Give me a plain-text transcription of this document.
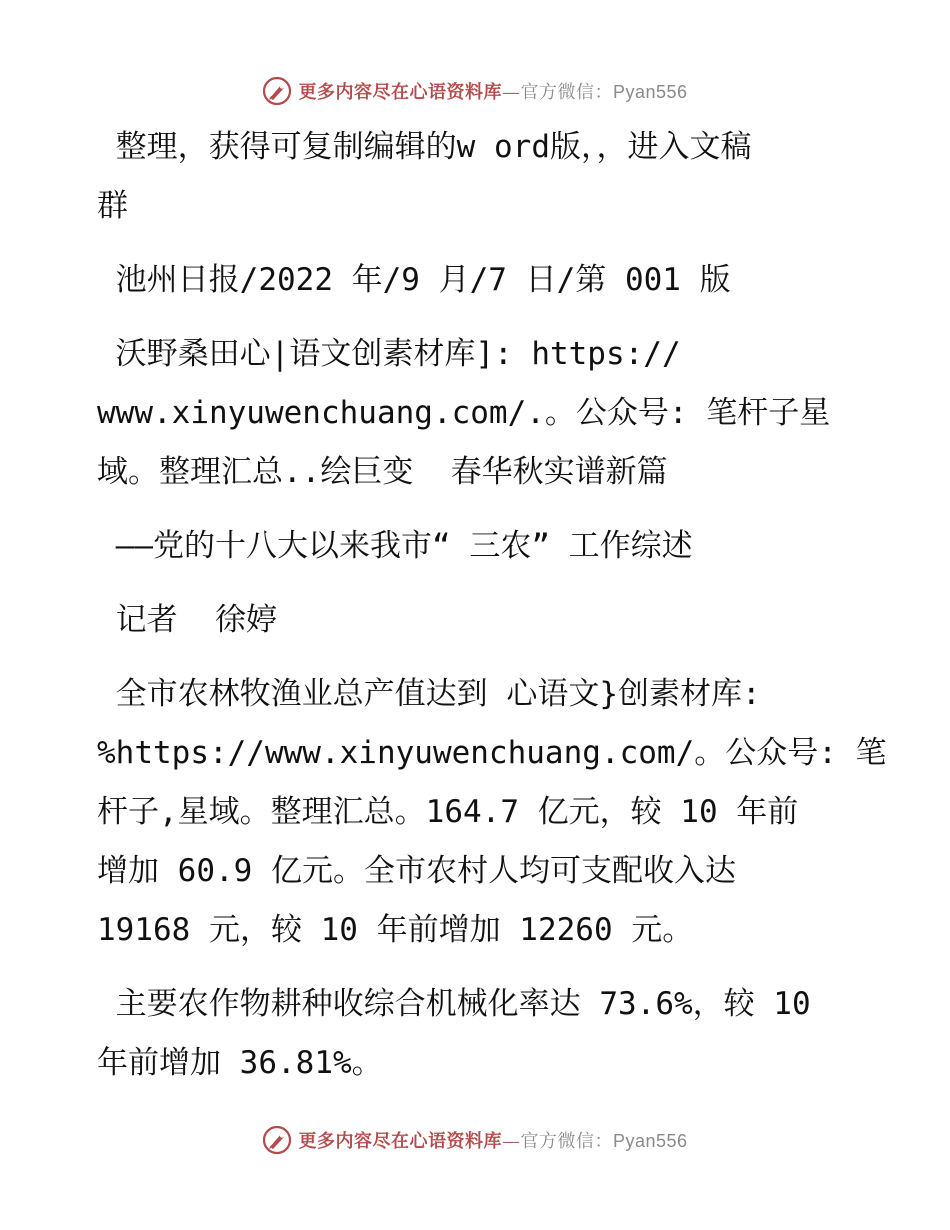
更多内容尽在心语资料库—官方微信：Pyan556
整理，获得可复制编辑的w ord版，，进入文稿
群
池州日报/2022 年/9 月/7 日/第 001 版
沃野桑田心|语文创素材库]: https://
www.xinyuwenchuang.com/.。公众号: 笔杆子星
域。整理汇总..绘巨变  春华秋实谱新篇
——党的十八大以来我市“ 三农” 工作综述
记者  徐婷
全市农林牧渔业总产值达到 心语文}创素材库:
%https://www.xinyuwenchuang.com/。公众号: 笔
杆子,星域。整理汇总。164.7 亿元，较 10 年前
增加 60.9 亿元。全市农村人均可支配收入达
19168 元，较 10 年前增加 12260 元。
主要农作物耕种收综合机械化率达 73.6%，较 10
年前增加 36.81%。
更多内容尽在心语资料库—官方微信：Pyan556
